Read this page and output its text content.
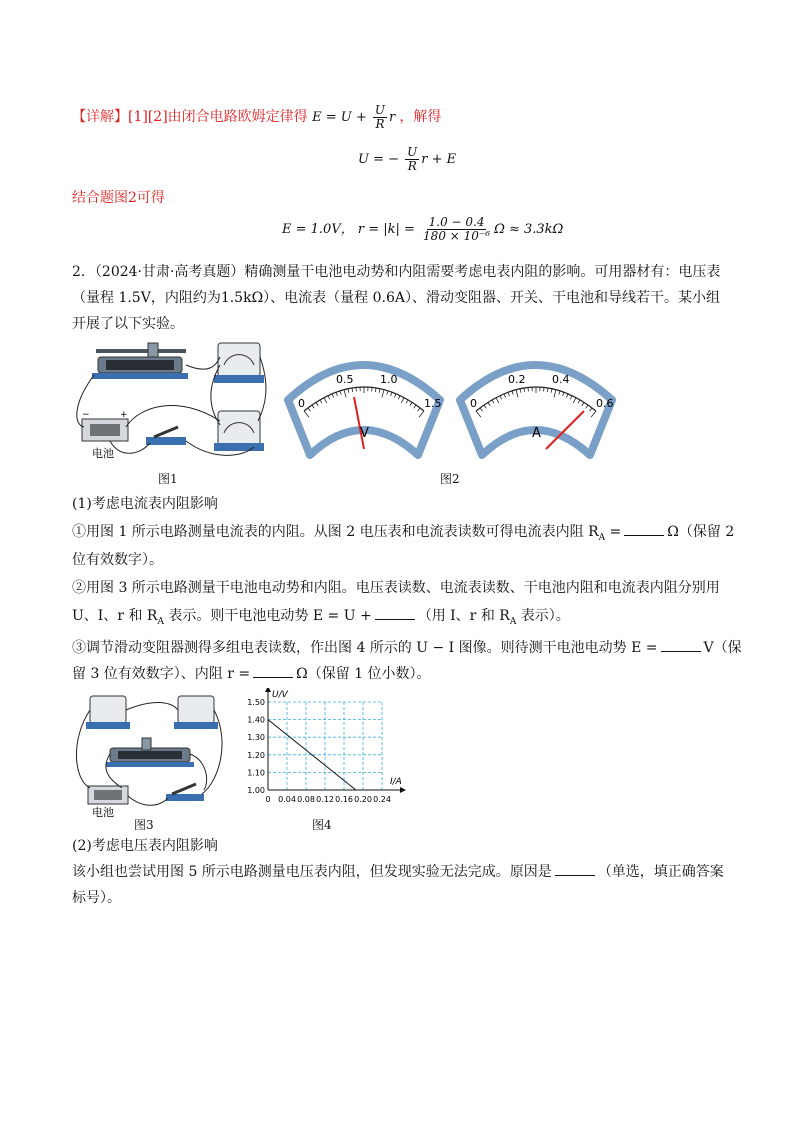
【详解】[1][2]由闭合电路欧姆定律得 $E = U + \frac{U}{R}$ r ，解得
U = − $\frac{U}{R}$ r + E
结合题图2可得
E = 1.0V， $r = |k| = \frac{1.0 - 0.4}{\text{180 × 10⁻⁶}}$ Ω ≈ 3.3kΩ
2．（2024·甘肃·高考真题）精确测量干电池电动势和内阻需要考虑电表内阻的影响。可用器材有：电压表
（量程 1.5V，内阻约为1.5kΩ）、电流表（量程 0.6A）、滑动变阻器、开关、干电池和导线若干。某小组
开展了以下实验。
−	+
电池
图1
0
0.5 1.0
1.5
V
0
0.2 0.4
0.6
A
图2
(1)考虑电流表内阻影响
①用图 1 所示电路测量电流表的内阻。从图 2 电压表和电流表读数可得电流表内阻 $R_A$ =	Ω（保留 2
位有效数字）。
②用图 3 所示电路测量干电池电动势和内阻。电压表读数、电流表读数、干电池内阻和电流表内阻分别用
U、I、r 和 $R_A$ 表示。则干电池电动势 E = U +	（用 I、r 和 $R_A$ 表示）。
③调节滑动变阻器测得多组电表读数，作出图 4 所示的 U − I 图像。则待测干电池电动势 E =	V（保
留 3 位有效数字）、内阻 r =	Ω（保留 1 位小数）。
电池
图3
0 0.04 0.08 0.12 0.16 0.20 0.24
1.00
1.10
1.20
1.30
1.40
1.50
U/V
I/A
图4
(2)考虑电压表内阻影响
该小组也尝试用图 5 所示电路测量电压表内阻，但发现实验无法完成。原因是	（单选，填正确答案
标号）。
